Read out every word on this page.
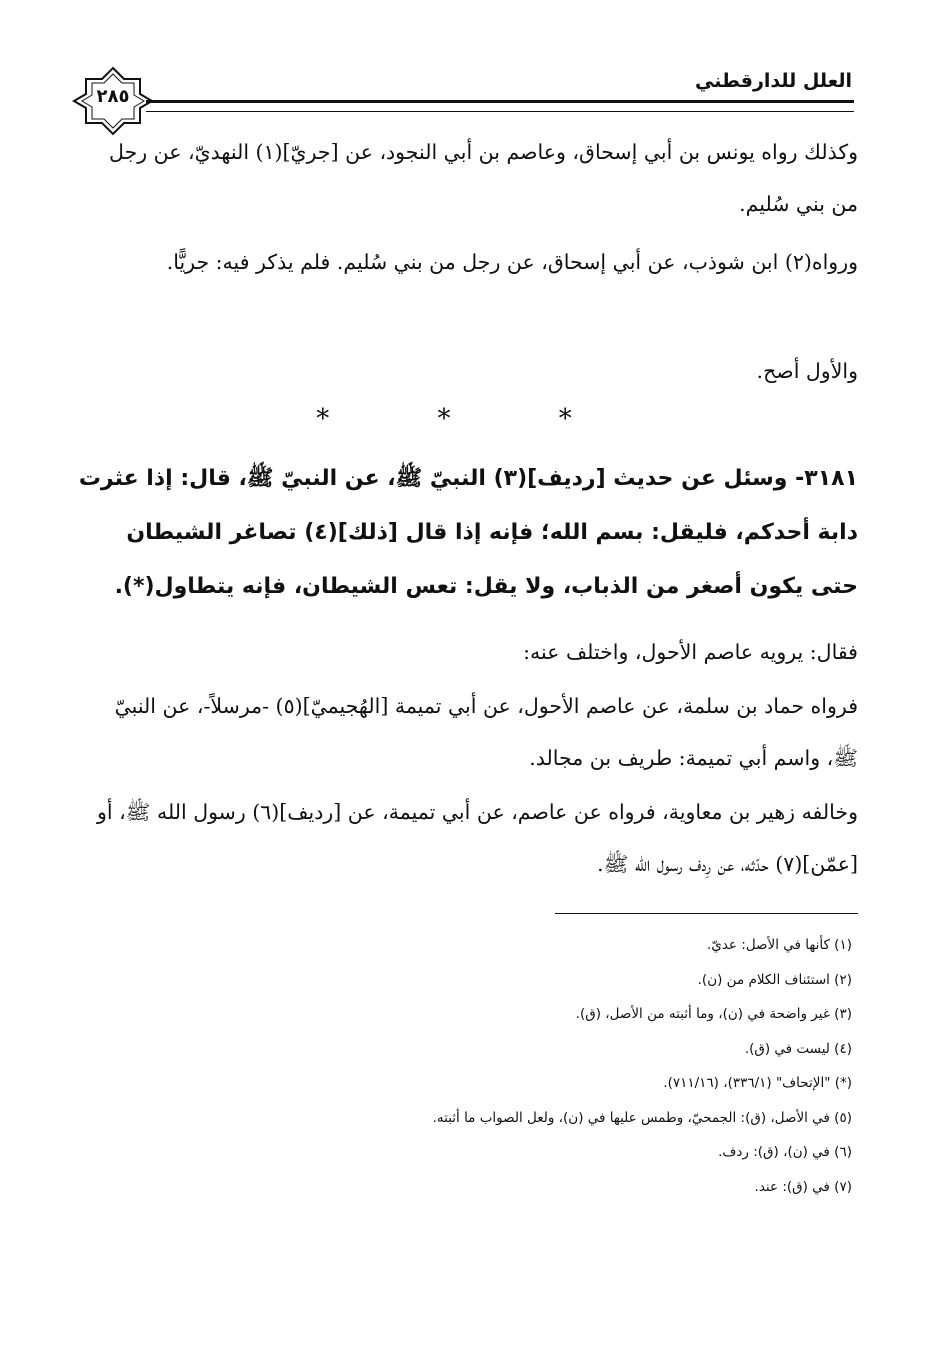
العلل للدارقطني
٢٨٥

وكذلك رواه يونس بن أبي إسحاق، وعاصم بن أبي النجود، عن [جريّ](١) النهديّ، عن رجل من بني سُليم.

ورواه(٢) ابن شوذب، عن أبي إسحاق، عن رجل من بني سُليم. فلم يذكر فيه: جريًّا.

والأول أصح.

* * *

٣١٨١- وسئل عن حديث [رديف](٣) النبيّ ﷺ، عن النبيّ ﷺ، قال: إذا عثرت دابة أحدكم، فليقل: بسم الله؛ فإنه إذا قال [ذلك](٤) تصاغر الشيطان حتى يكون أصغر من الذباب، ولا يقل: تعس الشيطان، فإنه يتطاول(*).

فقال: يرويه عاصم الأحول، واختلف عنه:

فرواه حماد بن سلمة، عن عاصم الأحول، عن أبي تميمة [الهُجيميّ](٥) -مرسلاً-، عن النبيّ ﷺ، واسم أبي تميمة: طريف بن مجالد.

وخالفه زهير بن معاوية، فرواه عن عاصم، عن أبي تميمة، عن [رديف](٦) رسول الله ﷺ، أو [عمّن](٧) حدّثه، عن رِدف رسول الله ﷺ.

(١) كأنها في الأصل: عديّ.
(٢) استئناف الكلام من (ن).
(٣) غير واضحة في (ن)، وما أثبته من الأصل، (ق).
(٤) ليست في (ق).
(*) "الإتحاف" (٣٣٦/١)، (٧١١/١٦).
(٥) في الأصل، (ق): الجمحيّ، وطمس عليها في (ن)، ولعل الصواب ما أثبته.
(٦) في (ن)، (ق): ردف.
(٧) في (ق): عند.
